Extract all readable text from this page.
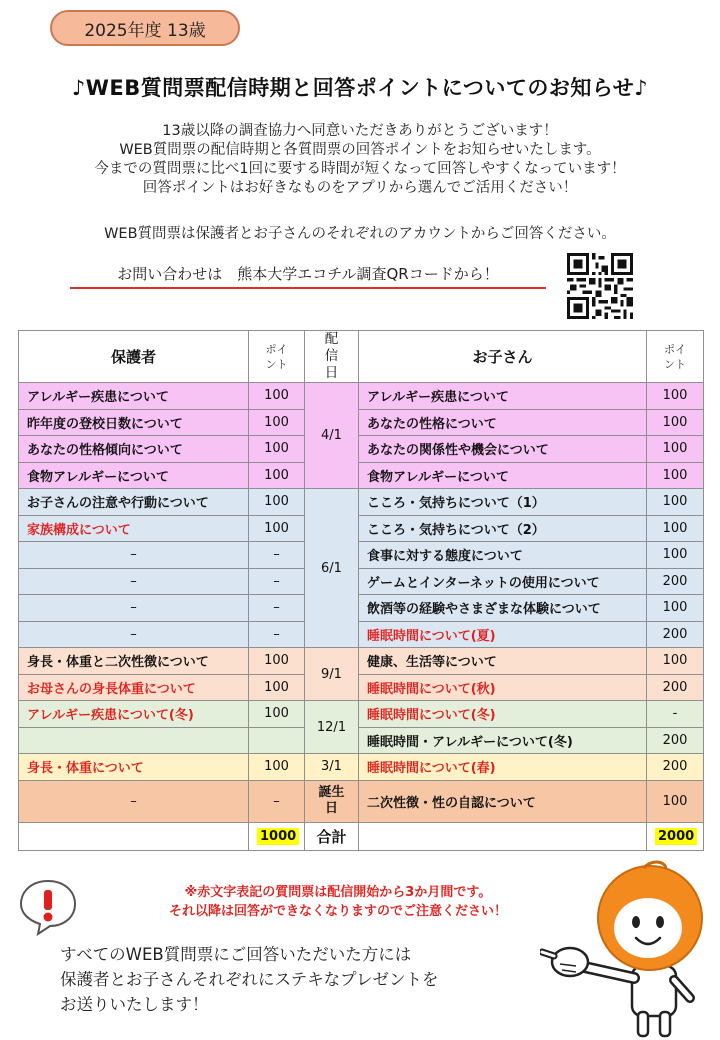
2025年度 13歳
♪WEB質問票配信時期と回答ポイントについてのお知らせ♪
13歳以降の調査協力へ同意いただきありがとうございます！
WEB質問票の配信時期と各質問票の回答ポイントをお知らせいたします。
今までの質問票に比べ1回に要する時間が短くなって回答しやすくなっています！
回答ポイントはお好きなものをアプリから選んでご活用ください！
WEB質問票は保護者とお子さんのそれぞれのアカウントからご回答ください。
お問い合わせは　熊本大学エコチル調査QRコードから！
保護者	ポイント	配信日	お子さん	ポイント
アレルギー疾患について	100	4/1	アレルギー疾患について	100
昨年度の登校日数について	100		あなたの性格について	100
あなたの性格傾向について	100		あなたの関係性や機会について	100
食物アレルギーについて	100		食物アレルギーについて	100
お子さんの注意や行動について	100	6/1	こころ・気持ちについて（1）	100
家族構成について	100		こころ・気持ちについて（2）	100
–	–		食事に対する態度について	100
–	–		ゲームとインターネットの使用について	200
–	–		飲酒等の経験やさまざまな体験について	100
–	–		睡眠時間について(夏)	200
身長・体重と二次性徴について	100	9/1	健康、生活等について	100
お母さんの身長体重について	100		睡眠時間について(秋)	200
アレルギー疾患について(冬)	100	12/1	睡眠時間について(冬)	-
			睡眠時間・アレルギーについて(冬)	200
身長・体重について	100	3/1	睡眠時間について(春)	200
–	–	誕生日	二次性徴・性の自認について	100
	1000	合計		2000
※赤文字表記の質問票は配信開始から3か月間です。
それ以降は回答ができなくなりますのでご注意ください！
すべてのWEB質問票にご回答いただいた方には
保護者とお子さんそれぞれにステキなプレゼントを
お送りいたします！
